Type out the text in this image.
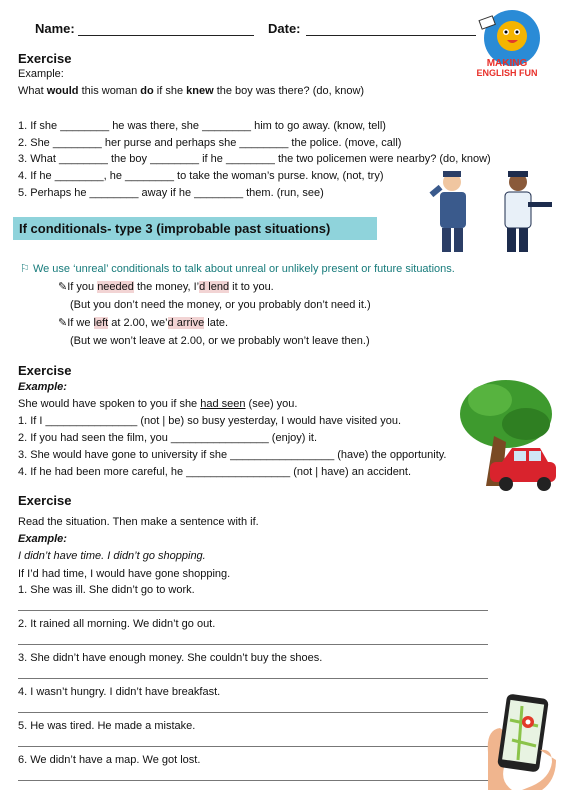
Name:	Date:
MAKING
ENGLISH FUN
Exercise
Example:
What would this woman do if she knew the boy was there? (do, know)
1. If she ________ he was there, she ________ him to go away. (know, tell)
2. She ________ her purse and perhaps she ________ the police. (move, call)
3. What ________ the boy ________ if he ________ the two policemen were nearby? (do, know)
4. If he ________, he ________ to take the woman’s purse. know, (not, try)
5. Perhaps he ________ away if he ________ them. (run, see)
If conditionals- type 3 (improbable past situations)
⚐ We use ‘unreal’ conditionals to talk about unreal or unlikely present or future situations.
✎If you needed the money, I’d lend it to you.
(But you don’t need the money, or you probably don’t need it.)
✎If we left at 2.00, we’d arrive late.
(But we won’t leave at 2.00, or we probably won’t leave then.)
Exercise
Example:
She would have spoken to you if she had seen (see) you.
1. If I _______________ (not | be) so busy yesterday, I would have visited you.
2. If you had seen the film, you ________________ (enjoy) it.
3. She would have gone to university if she _________________ (have) the opportunity.
4. If he had been more careful, he _________________ (not | have) an accident.
Exercise
Read the situation. Then make a sentence with if.
Example:
I didn’t have time. I didn’t go shopping.
If I’d had time, I would have gone shopping.
1. She was ill. She didn’t go to work.
2. It rained all morning. We didn’t go out.
3. She didn’t have enough money. She couldn’t buy the shoes.
4. I wasn’t hungry. I didn’t have breakfast.
5. He was tired. He made a mistake.
6. We didn’t have a map. We got lost.
